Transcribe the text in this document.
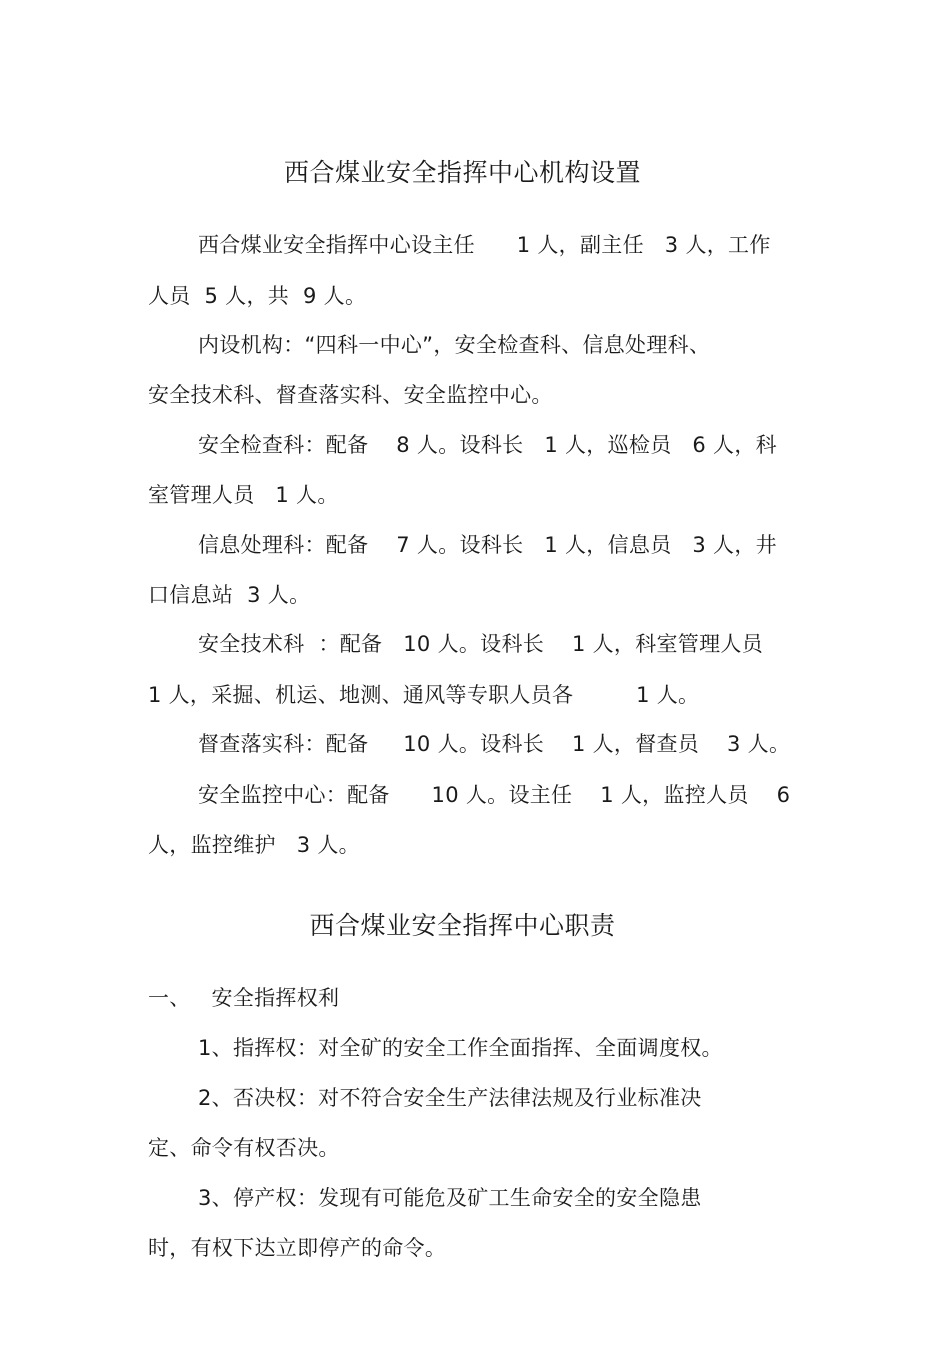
西合煤业安全指挥中心机构设置
西合煤业安全指挥中心设主任      1 人，副主任   3 人，工作
人员  5 人，共  9 人。
内设机构：“四科一中心”，安全检查科、信息处理科、
安全技术科、督查落实科、安全监控中心。
安全检查科：配备    8 人。设科长   1 人，巡检员   6 人，科
室管理人员   1 人。
信息处理科：配备    7 人。设科长   1 人，信息员   3 人，井
口信息站  3 人。
安全技术科  ：配备   10 人。设科长    1 人，科室管理人员
1 人，采掘、机运、地测、通风等专职人员各         1 人。
督查落实科：配备     10 人。设科长    1 人，督查员    3 人。
安全监控中心：配备      10 人。设主任    1 人，监控人员    6
人，监控维护   3 人。
西合煤业安全指挥中心职责
一、   安全指挥权利
1、指挥权：对全矿的安全工作全面指挥、全面调度权。
2、否决权：对不符合安全生产法律法规及行业标准决
定、命令有权否决。
3、停产权：发现有可能危及矿工生命安全的安全隐患
时，有权下达立即停产的命令。
